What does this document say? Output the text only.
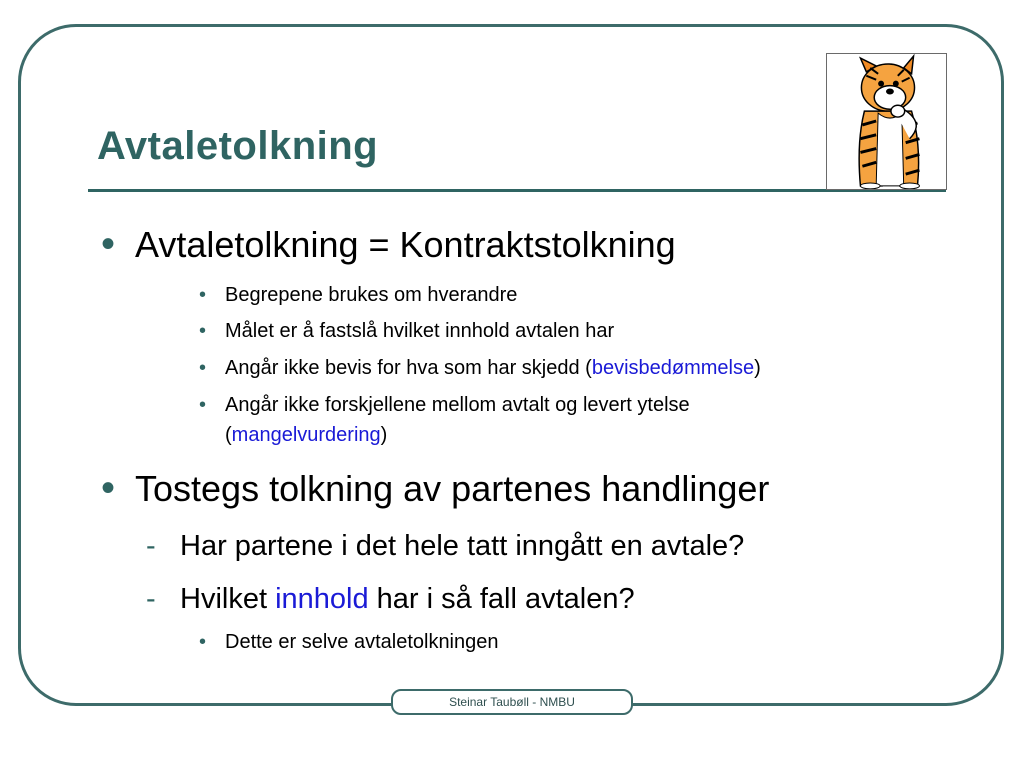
Avtaletolkning
• Avtaletolkning = Kontraktstolkning
• Begrepene brukes om hverandre
• Målet er å fastslå hvilket innhold avtalen har
• Angår ikke bevis for hva som har skjedd (bevisbedømmelse)
• Angår ikke forskjellene mellom avtalt og levert ytelse
(mangelvurdering)
• Tostegs tolkning av partenes handlinger
- Har partene i det hele tatt inngått en avtale?
- Hvilket innhold har i så fall avtalen?
• Dette er selve avtaletolkningen
Steinar Taubøll - NMBU
